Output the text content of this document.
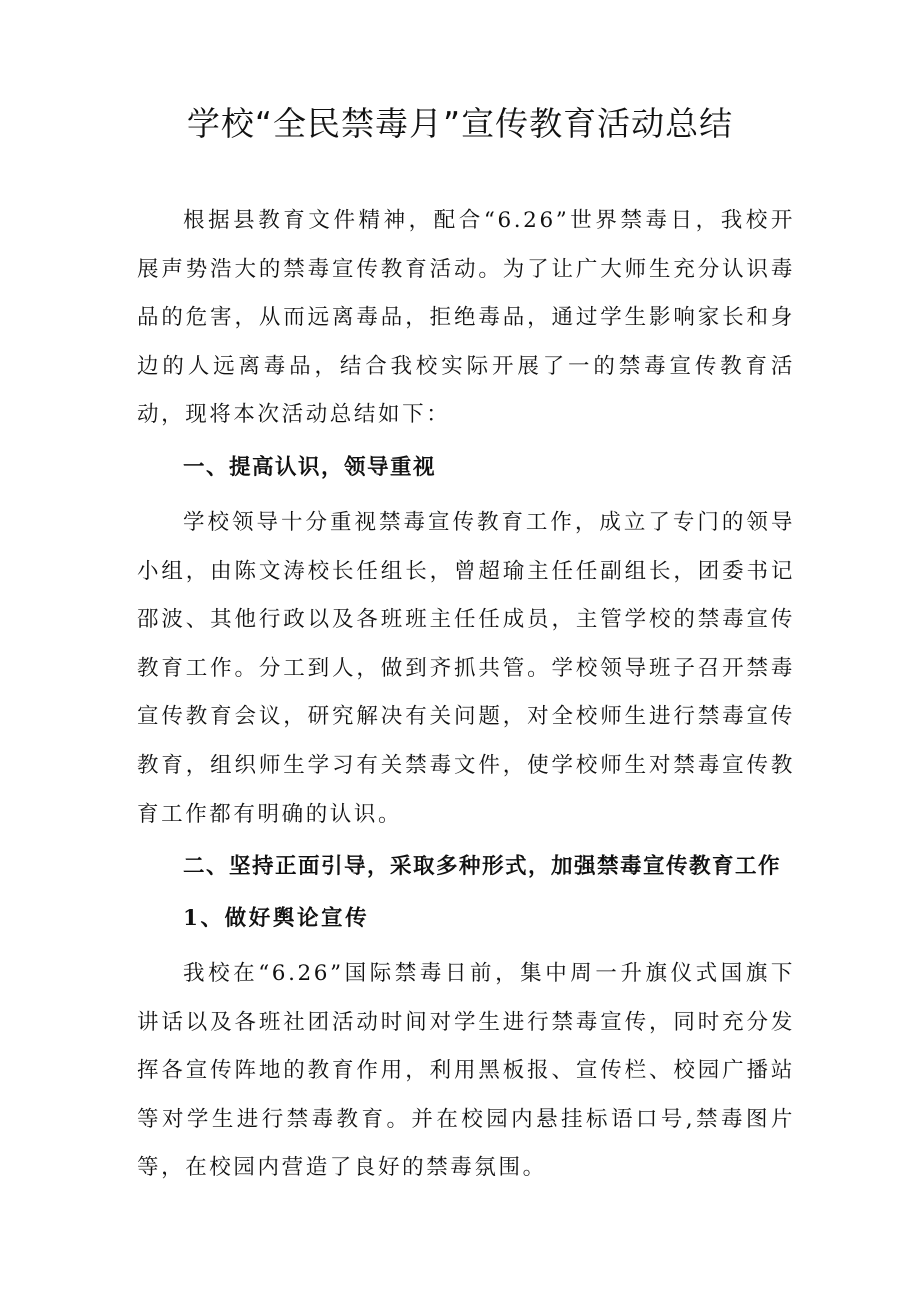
学校“全民禁毒月”宣传教育活动总结

根据县教育文件精神，配合“6.26”世界禁毒日，我校开展声势浩大的禁毒宣传教育活动。为了让广大师生充分认识毒品的危害，从而远离毒品，拒绝毒品，通过学生影响家长和身边的人远离毒品，结合我校实际开展了一的禁毒宣传教育活动，现将本次活动总结如下：

一、提高认识，领导重视

学校领导十分重视禁毒宣传教育工作，成立了专门的领导小组，由陈文涛校长任组长，曾超瑜主任任副组长，团委书记邵波、其他行政以及各班班主任任成员，主管学校的禁毒宣传教育工作。分工到人，做到齐抓共管。学校领导班子召开禁毒宣传教育会议，研究解决有关问题，对全校师生进行禁毒宣传教育，组织师生学习有关禁毒文件，使学校师生对禁毒宣传教育工作都有明确的认识。

二、坚持正面引导，采取多种形式，加强禁毒宣传教育工作
1、做好舆论宣传

我校在“6.26”国际禁毒日前，集中周一升旗仪式国旗下讲话以及各班社团活动时间对学生进行禁毒宣传，同时充分发挥各宣传阵地的教育作用，利用黑板报、宣传栏、校园广播站等对学生进行禁毒教育。并在校园内悬挂标语口号,禁毒图片等，在校园内营造了良好的禁毒氛围。
